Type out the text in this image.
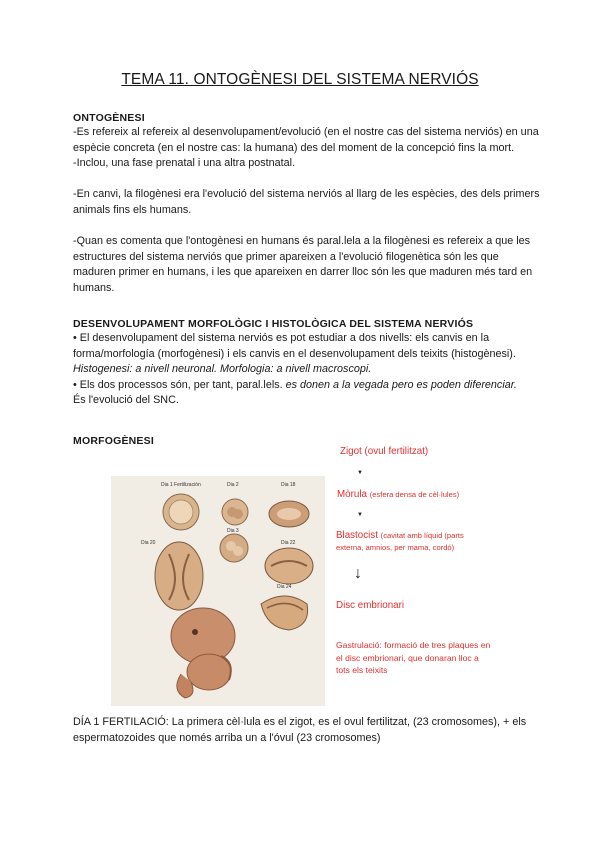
TEMA 11. ONTOGÈNESI DEL SISTEMA NERVIÓS
ONTOGÈNESI

-Es refereix al refereix al desenvolupament/evolució (en el nostre cas del sistema nerviós) en una espècie concreta (en el nostre cas: la humana) des del moment de la concepció fins la mort.

-Inclou, una fase prenatal i una altra postnatal.

-En canvi, la filogènesi era l'evolució del sistema nerviós al llarg de les espècies, des dels primers animals fins els humans.

-Quan es comenta que l'ontogènesi en humans és paral.lela a la filogènesi es refereix a que les estructures del sistema nerviós que primer apareixen a l'evolució filogenètica són les que maduren primer en humans, i les que apareixen en darrer lloc són les que maduren més tard en humans.

DESENVOLUPAMENT MORFOLÒGIC I HISTOLÒGICA DEL SISTEMA NERVIÓS

• El desenvolupament del sistema nerviós es pot estudiar a dos nivells: els canvis en la forma/morfología (morfogènesi) i els canvis en el desenvolupament dels teixits (histogènesi).

Histogenesi: a nivell neuronal. Morfologia: a nivell macroscopi.

• Els dos processos són, per tant, paral.lels. es donen a la vegada pero es poden diferenciar.

És l'evolució del SNC.

MORFOGÈNESI
Dia 1 Fertilización	Dia 2	Dia 18
Dia 3
Dia 20	Dia 22
Dia 24
Zigot (ovul fertilitzat)
▼
Mòrula (esfera densa de cèl·lules)
▼
Blastocist (cavitat amb líquid (parts externa, amnios, per mama, cordó)
↓
Disc embrionari
Gastrulació: formació de tres plaques en el disc embrionari, que donaran lloc a tots els teixits
DÍA 1 FERTILACIÓ: La primera cèl·lula es el zigot, es el ovul fertilitzat, (23 cromosomes), + els espermatozoides que només arriba un a l'óvul (23 cromosomes)
